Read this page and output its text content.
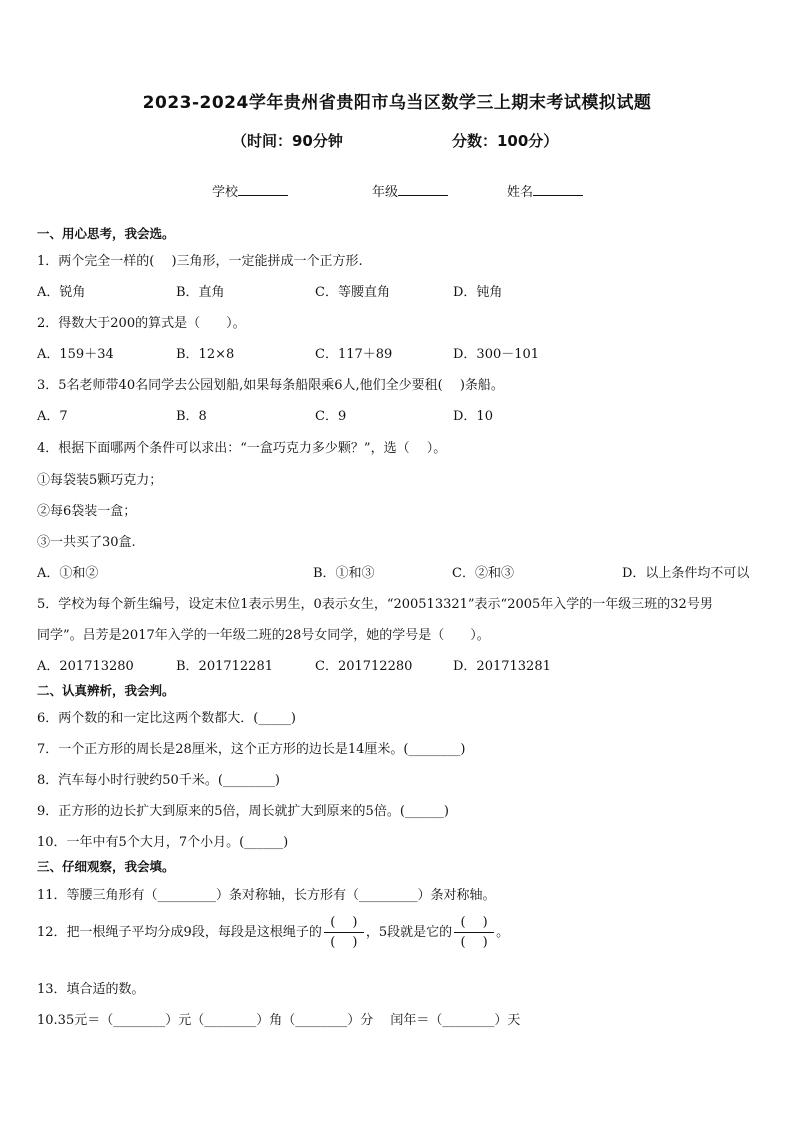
2023-2024学年贵州省贵阳市乌当区数学三上期末考试模拟试题
（时间：90分钟	分数：100分）
学校	年级	姓名
一、用心思考，我会选。
1．两个完全一样的(　 )三角形，一定能拼成一个正方形.
A．锐角	B．直角	C．等腰直角	D．钝角
2．得数大于200的算式是（　　）。
A．159＋34	B．12×8	C．117＋89	D．300－101
3．5名老师带40名同学去公园划船,如果每条船限乘6人,他们全少要租(　 )条船。
A．7	B．8	C．9	D．10
4．根据下面哪两个条件可以求出：“一盒巧克力多少颗？”，选（　 ）。
①每袋装5颗巧克力；
②每6袋装一盒；
③一共买了30盒.
A．①和②	B．①和③	C．②和③	D．以上条件均不可以
5．学校为每个新生编号，设定末位1表示男生，0表示女生，“200513321”表示“2005年入学的一年级三班的32号男
同学”。吕芳是2017年入学的一年级二班的28号女同学，她的学号是（　　）。
A．201713280	B．201712281	C．201712280	D．201713281
二、认真辨析，我会判。
6．两个数的和一定比这两个数都大．(_____)
7．一个正方形的周长是28厘米，这个正方形的边长是14厘米。(________)
8．汽车每小时行驶约50千米。(________)
9．正方形的边长扩大到原来的5倍，周长就扩大到原来的5倍。(______)
10．一年中有5个大月，7个小月。(______)
三、仔细观察，我会填。
11．等腰三角形有（_________）条对称轴，长方形有（_________）条对称轴。
12．把一根绳子平均分成9段，每段是这根绳子的 $\frac{( )}{( )}$ ，5段就是它的 $\frac{( )}{( )}$ 。
13．填合适的数。
10.35元＝（________）元（________）角（________）分　 闰年＝（________）天
